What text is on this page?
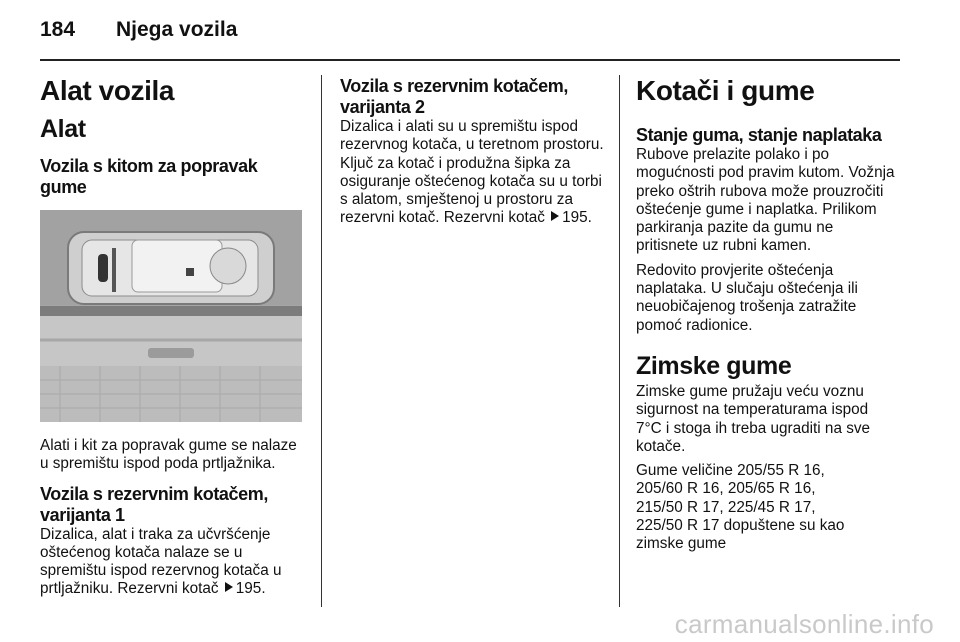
184 Njega vozila
Alat vozila
Alat
Vozila s kitom za popravak gume

Alati i kit za popravak gume se nalaze u spremištu ispod poda prtljažnika.

Vozila s rezervnim kotačem, varijanta 1

Dizalica, alat i traka za učvršćenje oštećenog kotača nalaze se u spremištu ispod rezervnog kotača u prtljažniku. Rezervni kotač 195.

Vozila s rezervnim kotačem, varijanta 2

Dizalica i alati su u spremištu ispod rezervnog kotača, u teretnom prostoru. Ključ za kotač i produžna šipka za osiguranje oštećenog kotača su u torbi s alatom, smještenoj u prostoru za rezervni kotač. Rezervni kotač 195.

Kotači i gume
Stanje guma, stanje naplataka

Rubove prelazite polako i po mogućnosti pod pravim kutom. Vožnja preko oštrih rubova može prouzročiti oštećenje gume i naplatka. Prilikom parkiranja pazite da gumu ne pritisnete uz rubni kamen.

Redovito provjerite oštećenja naplataka. U slučaju oštećenja ili neuobičajenog trošenja zatražite pomoć radionice.

Zimske gume

Zimske gume pružaju veću voznu sigurnost na temperaturama ispod 7°C i stoga ih treba ugraditi na sve kotače.

Gume veličine 205/55 R 16, 205/60 R 16, 205/65 R 16, 215/50 R 17, 225/45 R 17, 225/50 R 17 dopuštene su kao zimske gume

carmanualsonline.info
